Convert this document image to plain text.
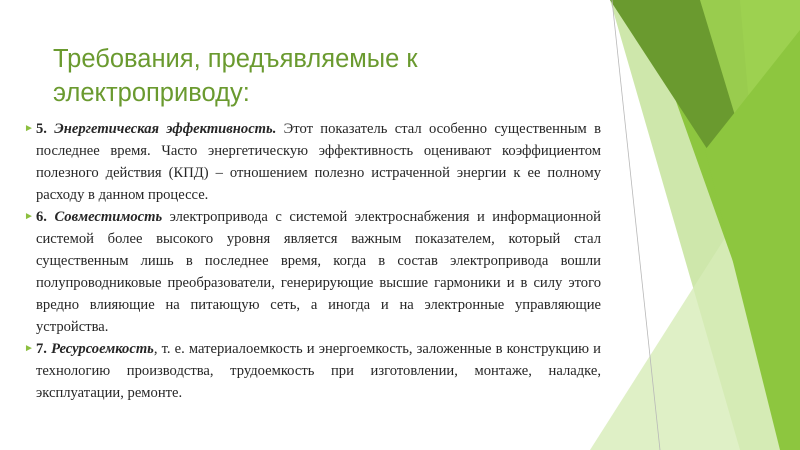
Требования, предъявляемые к электроприводу:

► 5. Энергетическая эффективность. Этот показатель стал особенно существенным в последнее время. Часто энергетическую эффективность оценивают коэффициентом полезного действия (КПД) – отношением полезно истраченной энергии к ее полному расходу в данном процессе.

► 6. Совместимость электропривода с системой электроснабжения и информационной системой более высокого уровня является важным показателем, который стал существенным лишь в последнее время, когда в состав электропривода вошли полупроводниковые преобразователи, генерирующие высшие гармоники и в силу этого вредно влияющие на питающую сеть, а иногда и на электронные управляющие устройства.

► 7. Ресурсоемкость, т. е. материалоемкость и энергоемкость, заложенные в конструкцию и технологию производства, трудоемкость при изготовлении, монтаже, наладке, эксплуатации, ремонте.
